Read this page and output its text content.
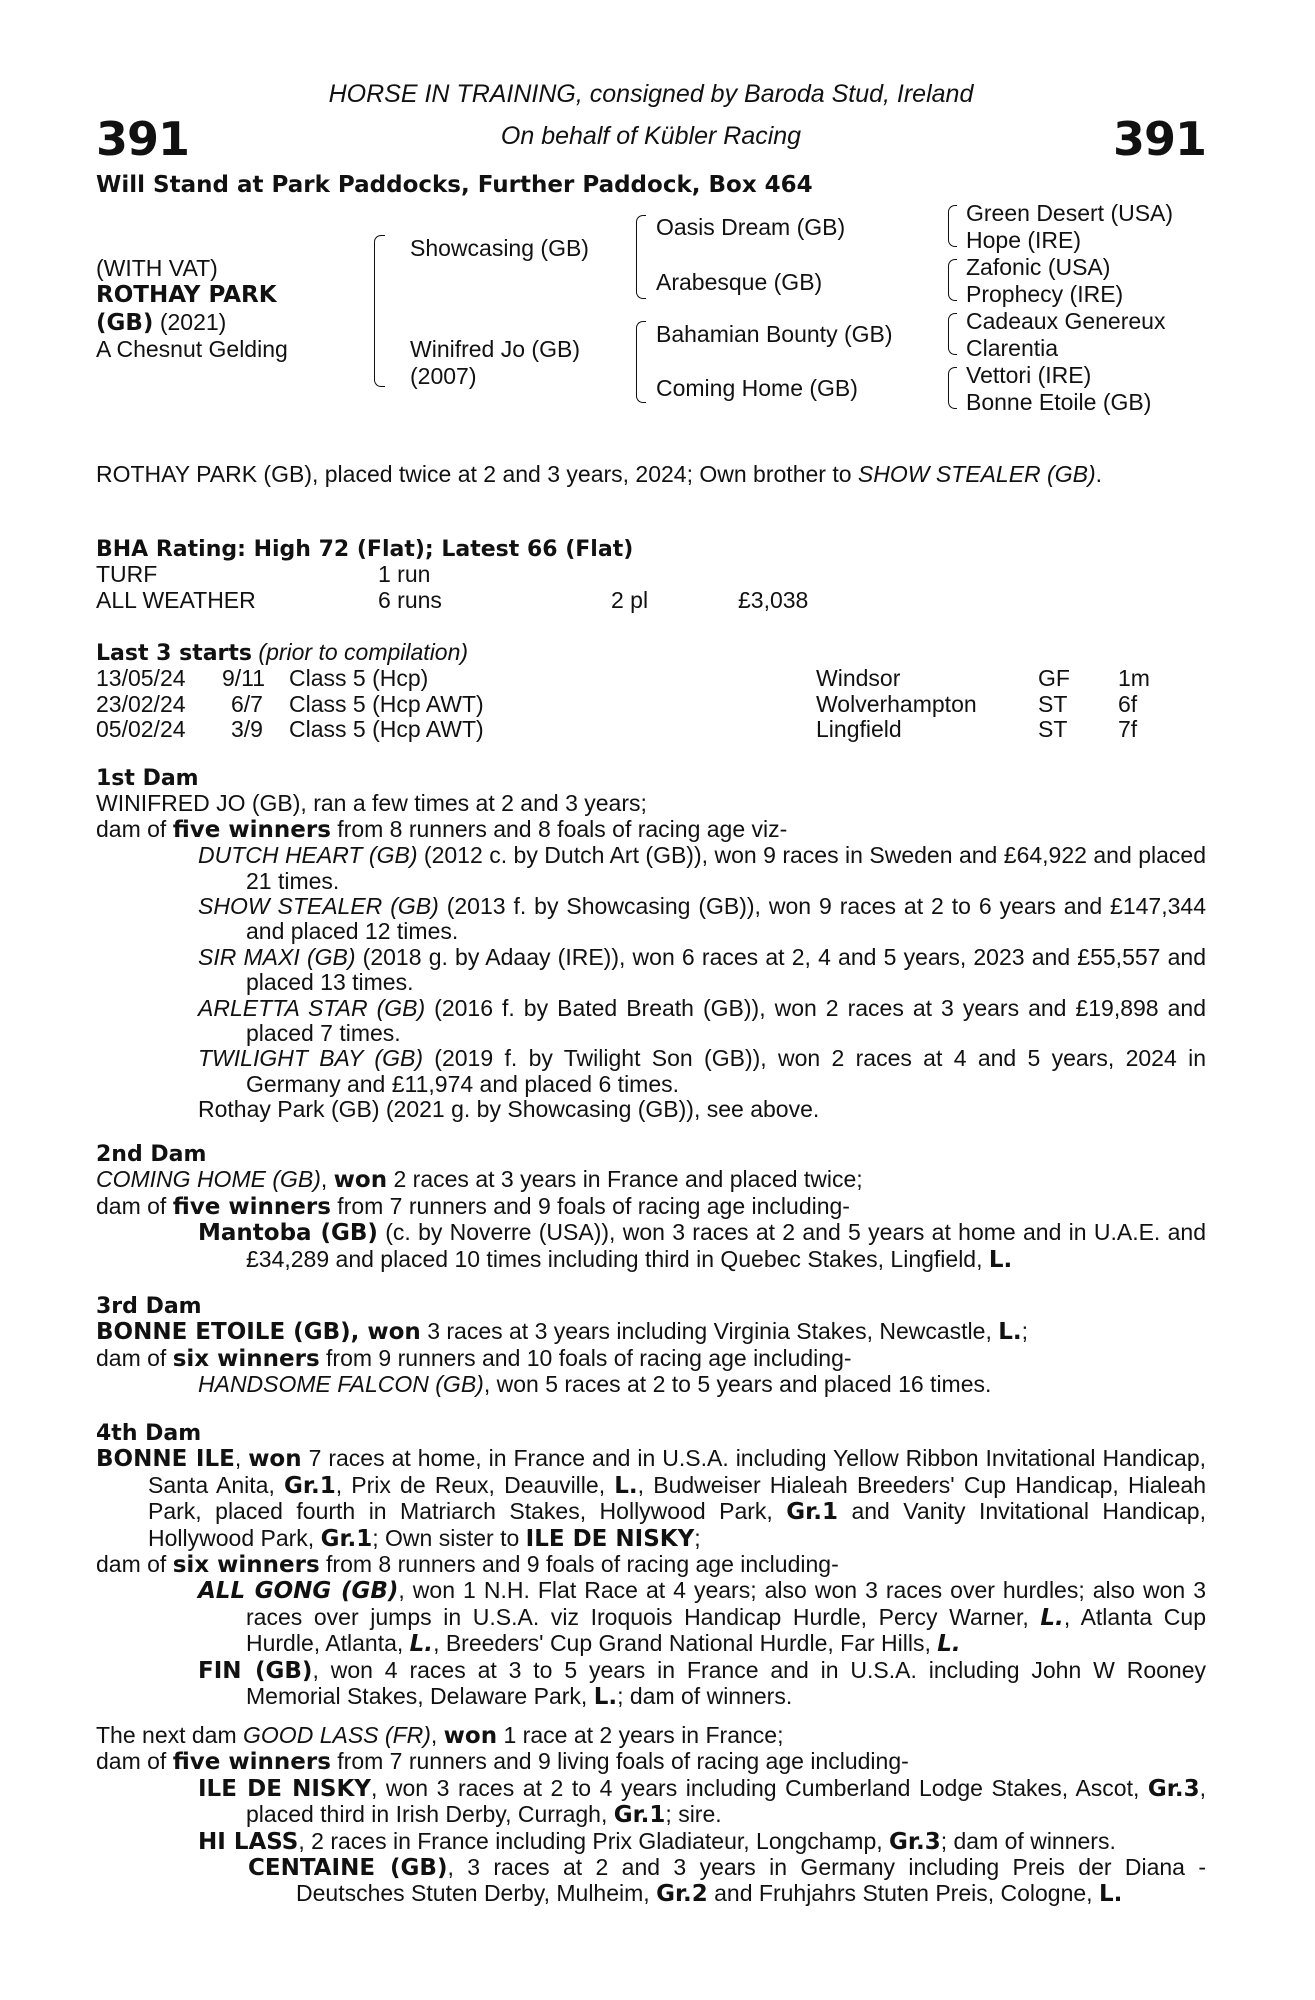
391	391
HORSE IN TRAINING, consigned by Baroda Stud, Ireland
On behalf of Kübler Racing
Will Stand at Park Paddocks, Further Paddock, Box 464
(WITH VAT)
ROTHAY PARK
(GB) (2021)
A Chesnut Gelding
Showcasing (GB)
Winifred Jo (GB)
(2007)
Oasis Dream (GB)
Arabesque (GB)
Bahamian Bounty (GB)
Coming Home (GB)
Green Desert (USA)
Hope (IRE)
Zafonic (USA)
Prophecy (IRE)
Cadeaux Genereux
Clarentia
Vettori (IRE)
Bonne Etoile (GB)
ROTHAY PARK (GB), placed twice at 2 and 3 years, 2024; Own brother to SHOW STEALER (GB).
BHA Rating: High 72 (Flat); Latest 66 (Flat)
TURF	1 run
ALL WEATHER	6 runs	2 pl	£3,038
Last 3 starts (prior to compilation)
13/05/24 9/11 Class 5 (Hcp)	Windsor	GF 1m
23/02/24 6/7 Class 5 (Hcp AWT)	Wolverhampton	ST 6f
05/02/24 3/9 Class 5 (Hcp AWT)	Lingfield	ST 7f

1st Dam

WINIFRED JO (GB), ran a few times at 2 and 3 years;

dam of five winners from 8 runners and 8 foals of racing age viz-

DUTCH HEART (GB) (2012 c. by Dutch Art (GB)), won 9 races in Sweden and £64,922 and placed 21 times.

SHOW STEALER (GB) (2013 f. by Showcasing (GB)), won 9 races at 2 to 6 years and £147,344 and placed 12 times.

SIR MAXI (GB) (2018 g. by Adaay (IRE)), won 6 races at 2, 4 and 5 years, 2023 and £55,557 and placed 13 times.

ARLETTA STAR (GB) (2016 f. by Bated Breath (GB)), won 2 races at 3 years and £19,898 and placed 7 times.

TWILIGHT BAY (GB) (2019 f. by Twilight Son (GB)), won 2 races at 4 and 5 years, 2024 in Germany and £11,974 and placed 6 times.

Rothay Park (GB) (2021 g. by Showcasing (GB)), see above.

2nd Dam

COMING HOME (GB), won 2 races at 3 years in France and placed twice;

dam of five winners from 7 runners and 9 foals of racing age including-

Mantoba (GB) (c. by Noverre (USA)), won 3 races at 2 and 5 years at home and in U.A.E. and £34,289 and placed 10 times including third in Quebec Stakes, Lingfield, L.

3rd Dam

BONNE ETOILE (GB), won 3 races at 3 years including Virginia Stakes, Newcastle, L.;

dam of six winners from 9 runners and 10 foals of racing age including-

HANDSOME FALCON (GB), won 5 races at 2 to 5 years and placed 16 times.

4th Dam

BONNE ILE, won 7 races at home, in France and in U.S.A. including Yellow Ribbon Invitational Handicap, Santa Anita, Gr.1, Prix de Reux, Deauville, L., Budweiser Hialeah Breeders' Cup Handicap, Hialeah Park, placed fourth in Matriarch Stakes, Hollywood Park, Gr.1 and Vanity Invitational Handicap, Hollywood Park, Gr.1; Own sister to ILE DE NISKY;

dam of six winners from 8 runners and 9 foals of racing age including-

ALL GONG (GB), won 1 N.H. Flat Race at 4 years; also won 3 races over hurdles; also won 3 races over jumps in U.S.A. viz Iroquois Handicap Hurdle, Percy Warner, L., Atlanta Cup Hurdle, Atlanta, L., Breeders' Cup Grand National Hurdle, Far Hills, L.

FIN (GB), won 4 races at 3 to 5 years in France and in U.S.A. including John W Rooney Memorial Stakes, Delaware Park, L.; dam of winners.

The next dam GOOD LASS (FR), won 1 race at 2 years in France;

dam of five winners from 7 runners and 9 living foals of racing age including-

ILE DE NISKY, won 3 races at 2 to 4 years including Cumberland Lodge Stakes, Ascot, Gr.3, placed third in Irish Derby, Curragh, Gr.1; sire.

HI LASS, 2 races in France including Prix Gladiateur, Longchamp, Gr.3; dam of winners.

CENTAINE (GB), 3 races at 2 and 3 years in Germany including Preis der Diana - Deutsches Stuten Derby, Mulheim, Gr.2 and Fruhjahrs Stuten Preis, Cologne, L.
